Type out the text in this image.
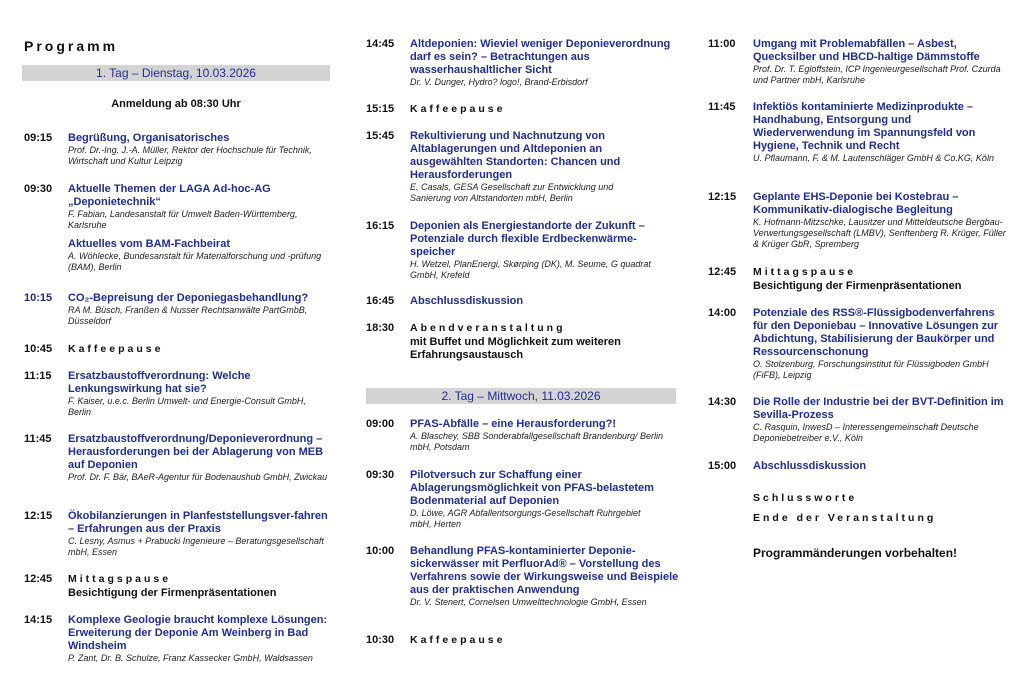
Programm
1. Tag – Dienstag, 10.03.2026
Anmeldung ab 08:30 Uhr
09:15 Begrüßung, Organisatorisches
Prof. Dr.-Ing. J.-A. Müller, Rektor der Hochschule für Technik, Wirtschaft und Kultur Leipzig
09:30 Aktuelle Themen der LAGA Ad-hoc-AG „Deponietechnik“
F. Fabian, Landesanstalt für Umwelt Baden-Württemberg, Karlsruhe
Aktuelles vom BAM-Fachbeirat
A. Wöhlecke, Bundesanstalt für Materialforschung und -prüfung (BAM), Berlin
10:15 CO₂-Bepreisung der Deponiegasbehandlung?
RA M. Büsch, Franßen & Nusser Rechtsanwälte PartGmbB, Düsseldorf
10:45 Kaffeepause
11:15 Ersatzbaustoffverordnung: Welche Lenkungswirkung hat sie?
F. Kaiser, u.e.c. Berlin Umwelt- und Energie-Consult GmbH, Berlin
11:45 Ersatzbaustoffverordnung/Deponieverordnung – Herausforderungen bei der Ablagerung von MEB auf Deponien
Prof. Dr. F. Bär, BAeR-Agentur für Bodenaushub GmbH, Zwickau
12:15 Ökobilanzierungen in Planfeststellungsver-fahren – Erfahrungen aus der Praxis
C. Lesny, Asmus + Prabucki Ingenieure – Beratungsgesellschaft mbH, Essen
12:45 Mittagspause
Besichtigung der Firmenpräsentationen
14:15 Komplexe Geologie braucht komplexe Lösungen: Erweiterung der Deponie Am Weinberg in Bad Windsheim
P. Zant, Dr. B. Schulze, Franz Kassecker GmbH, Waldsassen
14:45 Altdeponien: Wieviel weniger Deponieverordnung darf es sein? – Betrachtungen aus wasserhaushaltlicher Sicht
Dr. V. Dunger, Hydro? logo!, Brand-Erbisdorf
15:15 Kaffeepause
15:45 Rekultivierung und Nachnutzung von Altablagerungen und Altdeponien an ausgewählten Standorten: Chancen und Herausforderungen
E. Casals, GESA Gesellschaft zur Entwicklung und Sanierung von Altstandorten mbH, Berlin
16:15 Deponien als Energiestandorte der Zukunft – Potenziale durch flexible Erdbeckenwärme-speicher
H. Wetzel, PlanEnergi, Skørping (DK), M. Seume, G quadrat GmbH, Krefeld
16:45 Abschlussdiskussion
18:30 Abendveranstaltung
mit Buffet und Möglichkeit zum weiteren Erfahrungsaustausch
2. Tag – Mittwoch, 11.03.2026
09:00 PFAS-Abfälle – eine Herausforderung?!
A. Blaschey, SBB Sonderabfallgesellschaft Brandenburg/ Berlin mbH, Potsdam
09:30 Pilotversuch zur Schaffung einer Ablagerungsmöglichkeit von PFAS-belastetem Bodenmaterial auf Deponien
D. Löwe, AGR Abfallentsorgungs-Gesellschaft Ruhrgebiet mbH, Herten
10:00 Behandlung PFAS-kontaminierter Deponie-sickerwässer mit PerfluorAd® – Vorstellung des Verfahrens sowie der Wirkungsweise und Beispiele aus der praktischen Anwendung
Dr. V. Stenert, Cornelsen Umwelttechnologie GmbH, Essen
10:30 Kaffeepause
11:00 Umgang mit Problemabfällen – Asbest, Quecksilber und HBCD-haltige Dämmstoffe
Prof. Dr. T. Egloffstein, ICP Ingenieurgesellschaft Prof. Czurda und Partner mbH, Karlsruhe
11:45 Infektiös kontaminierte Medizinprodukte – Handhabung, Entsorgung und Wiederverwendung im Spannungsfeld von Hygiene, Technik und Recht
U. Pflaumann, F. & M. Lautenschläger GmbH & Co.KG, Köln
12:15 Geplante EHS-Deponie bei Kostebrau – Kommunikativ-dialogische Begleitung
K. Hofmann-Mitzschke, Lausitzer und Mitteldeutsche Bergbau-Verwertungsgesellschaft (LMBV), Senftenberg R. Krüger, Füller & Krüger GbR, Spremberg
12:45 Mittagspause
Besichtigung der Firmenpräsentationen
14:00 Potenziale des RSS®-Flüssigbodenverfahrens für den Deponiebau – Innovative Lösungen zur Abdichtung, Stabilisierung der Baukörper und Ressourcenschonung
O. Stolzenburg, Forschungsinstitut für Flüssigboden GmbH (FiFB), Leipzig
14:30 Die Rolle der Industrie bei der BVT-Definition im Sevilla-Prozess
C. Rasquin, InwesD – Interessengemeinschaft Deutsche Deponiebetreiber e.V., Köln
15:00 Abschlussdiskussion
Schlussworte
Ende der Veranstaltung
Programmänderungen vorbehalten!
